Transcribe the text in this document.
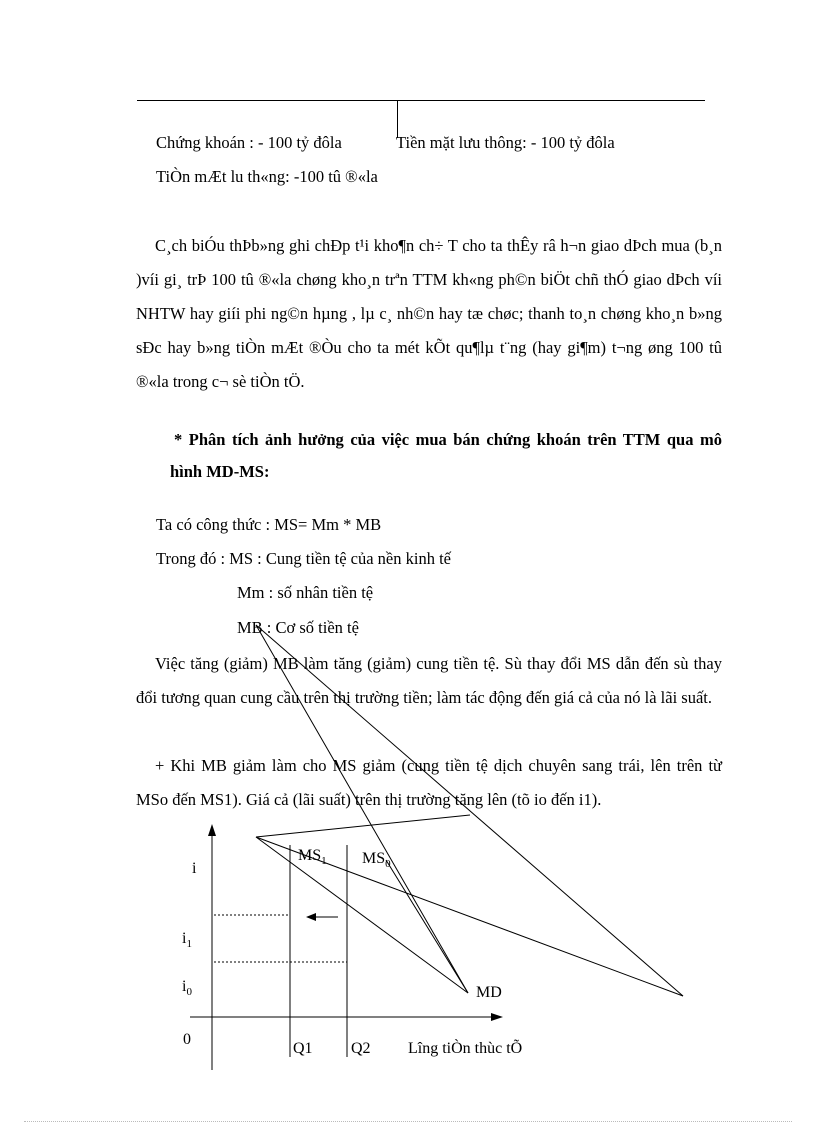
Chứng khoán : - 100 tỷ đôla	Tiền mặt lưu thông: - 100 tỷ đôla
TiÒn mÆt lu th«ng: -100 tû ®«la
C¸ch biÓu thÞb»ng ghi chÐp t¹i kho¶n ch÷ T cho ta thÊy râ h¬n giao dÞch mua (b¸n )víi gi¸ trÞ 100 tû ®«la chøng kho¸n trªn TTM kh«ng ph©n biÖt chñ thÓ giao dÞch víi NHTW hay giíi phi ng©n hµng , lµ c¸ nh©n hay tæ chøc; thanh to¸n chøng kho¸n b»ng sÐc hay b»ng tiÒn mÆt ®Òu cho ta mét kÕt qu¶lµ t¨ng (hay gi¶m) t¬ng øng 100 tû ®«la trong c¬ sè tiÒn tÖ.
* Phân tích ảnh hưởng của việc mua bán chứng khoán trên TTM qua mô hình MD-MS:
Ta có công thức : MS= Mm * MB
Trong đó : MS : Cung tiền tệ của nền kinh tế
Mm : số nhân tiền tệ
MB : Cơ số tiền tệ
Việc tăng (giảm) MB làm tăng (giảm) cung tiền tệ. Sù thay đổi MS dẫn đến sù thay đổi tương quan cung cầu trên thị trường tiền; làm tác động đến giá cả của nó là lãi suất.
+ Khi MB giảm làm cho MS giảm (cung tiền tệ dịch chuyên sang trái, lên trên từ MSo đến MS1). Giá cả (lãi suất) trên thị trường tăng lên (tõ io đến i1).
i
$i_1$
$i_0$
0
$MS_1$ $MS_0$
MD
Q1 Q2 Lîng tiÒn thùc tÕ
